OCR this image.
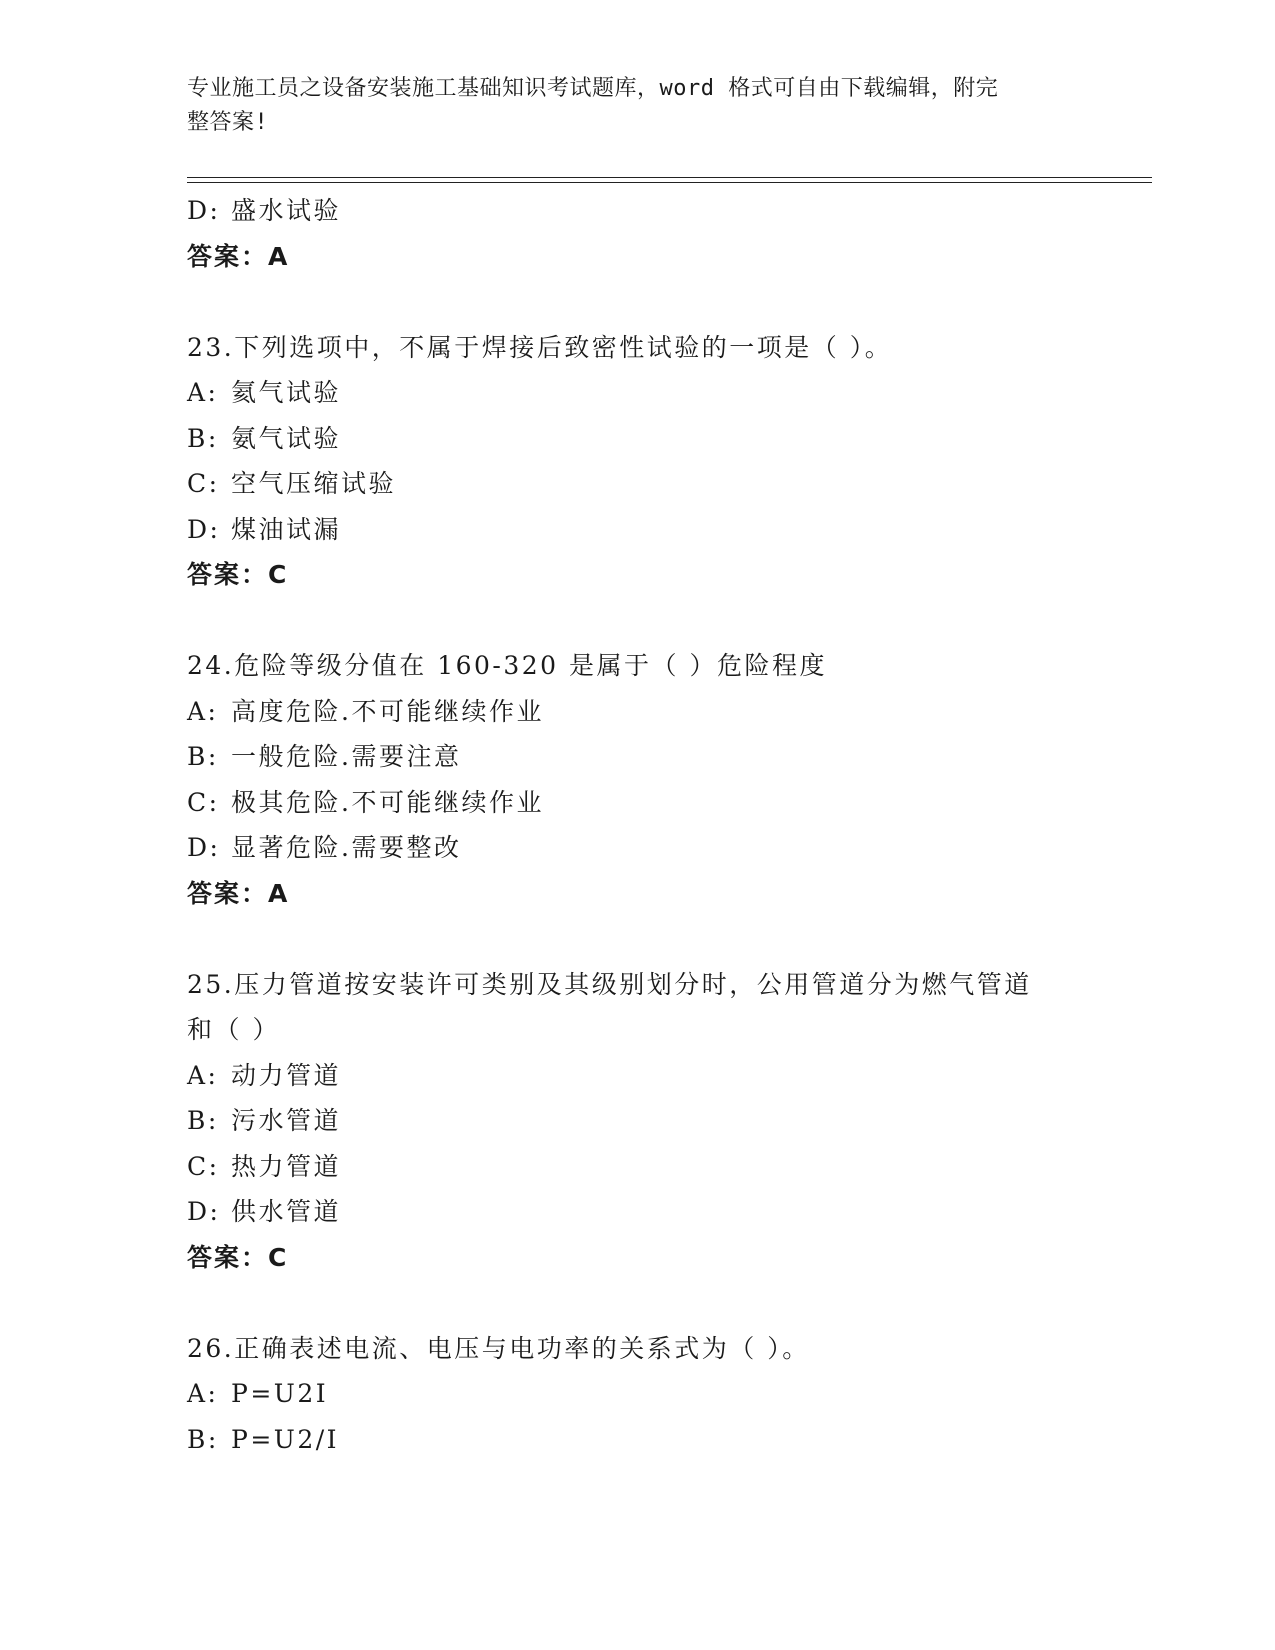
专业施工员之设备安装施工基础知识考试题库，word 格式可自由下载编辑，附完
整答案!
D: 盛水试验
答案：A
23.下列选项中，不属于焊接后致密性试验的一项是（ ）。
A: 氦气试验
B: 氨气试验
C: 空气压缩试验
D: 煤油试漏
答案：C
24.危险等级分值在 160-320 是属于（ ）危险程度
A: 高度危险.不可能继续作业
B: 一般危险.需要注意
C: 极其危险.不可能继续作业
D: 显著危险.需要整改
答案：A
25.压力管道按安装许可类别及其级别划分时，公用管道分为燃气管道
和（ ）
A: 动力管道
B: 污水管道
C: 热力管道
D: 供水管道
答案：C
26.正确表述电流、电压与电功率的关系式为（ ）。
A: P=U2I
B: P=U2/I
